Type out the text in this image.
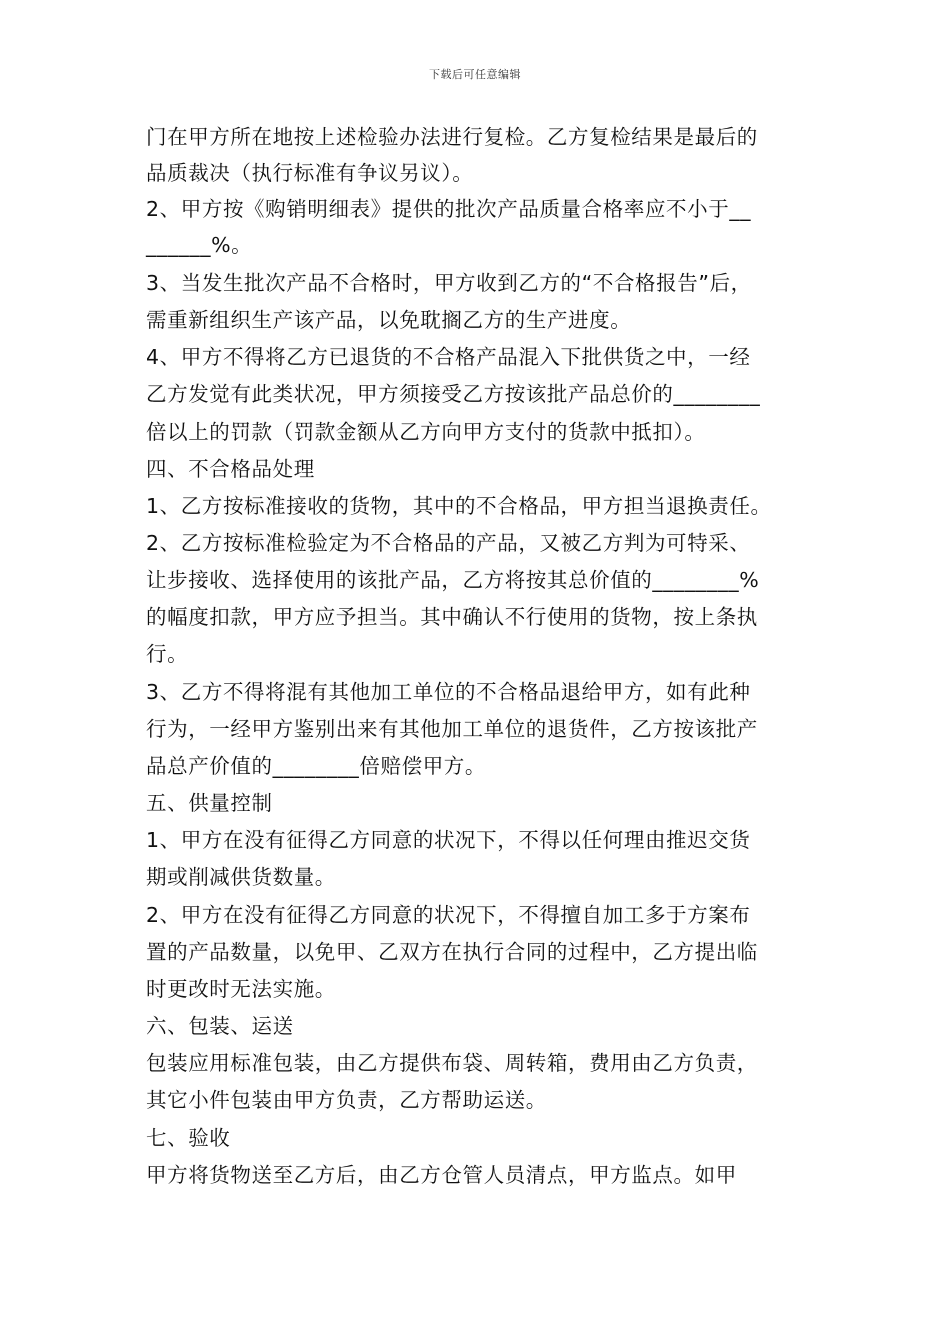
下载后可任意编辑
门在甲方所在地按上述检验办法进行复检。乙方复检结果是最后的
品质裁决（执行标准有争议另议）。
2、甲方按《购销明细表》提供的批次产品质量合格率应不小于__
______%。
3、当发生批次产品不合格时，甲方收到乙方的“不合格报告”后，
需重新组织生产该产品，以免耽搁乙方的生产进度。
4、甲方不得将乙方已退货的不合格产品混入下批供货之中，一经
乙方发觉有此类状况，甲方须接受乙方按该批产品总价的________
倍以上的罚款（罚款金额从乙方向甲方支付的货款中抵扣）。
四、不合格品处理
1、乙方按标准接收的货物，其中的不合格品，甲方担当退换责任。
2、乙方按标准检验定为不合格品的产品，又被乙方判为可特采、
让步接收、选择使用的该批产品，乙方将按其总价值的________%
的幅度扣款，甲方应予担当。其中确认不行使用的货物，按上条执
行。
3、乙方不得将混有其他加工单位的不合格品退给甲方，如有此种
行为，一经甲方鉴别出来有其他加工单位的退货件，乙方按该批产
品总产价值的________倍赔偿甲方。
五、供量控制
1、甲方在没有征得乙方同意的状况下，不得以任何理由推迟交货
期或削减供货数量。
2、甲方在没有征得乙方同意的状况下，不得擅自加工多于方案布
置的产品数量，以免甲、乙双方在执行合同的过程中，乙方提出临
时更改时无法实施。
六、包装、运送
包装应用标准包装，由乙方提供布袋、周转箱，费用由乙方负责，
其它小件包装由甲方负责，乙方帮助运送。
七、验收
甲方将货物送至乙方后，由乙方仓管人员清点，甲方监点。如甲
